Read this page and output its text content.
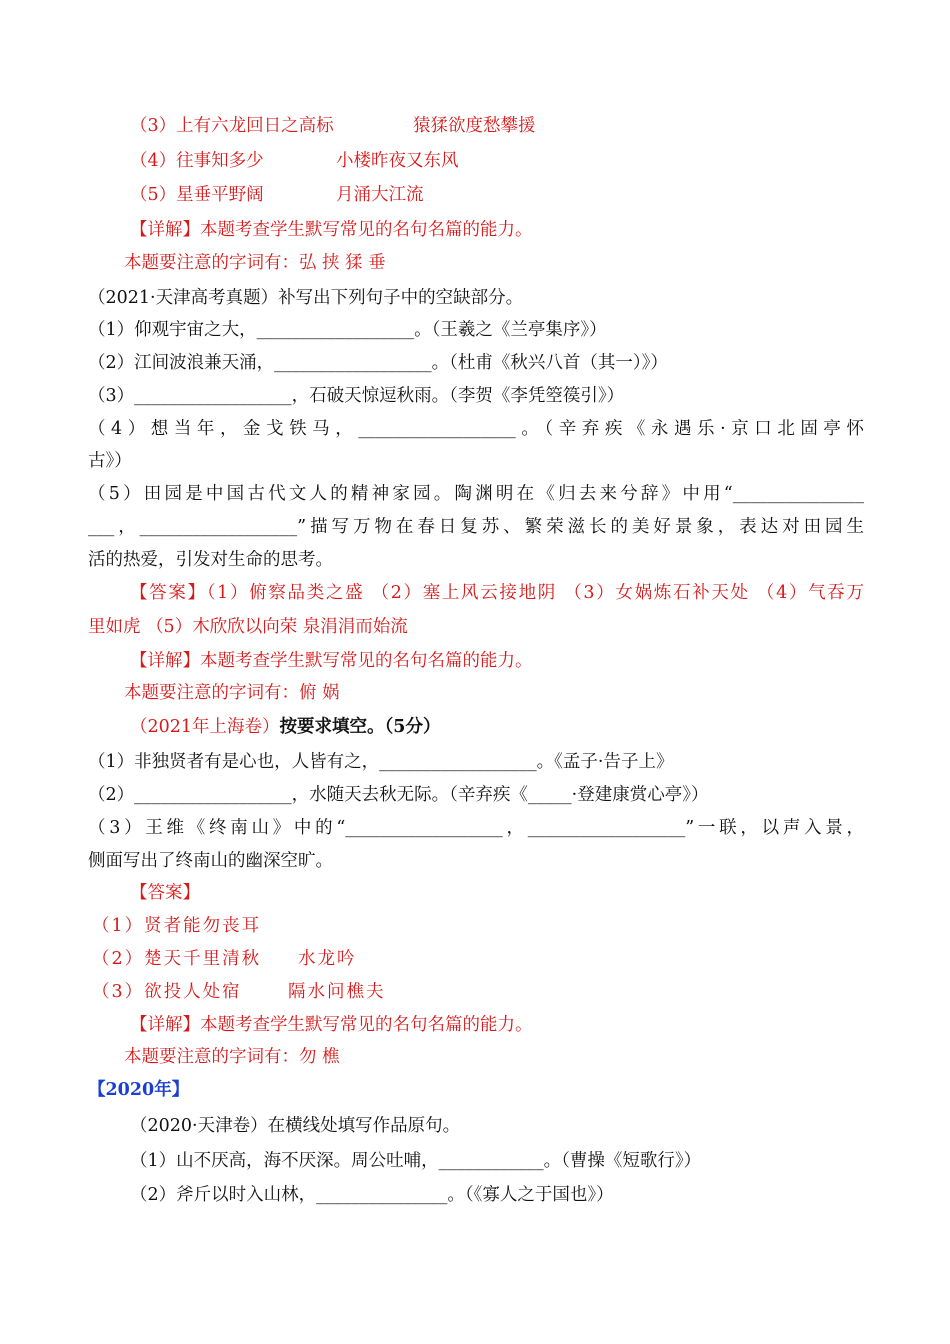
（3）上有六龙回日之高标	猿猱欲度愁攀援
（4）往事知多少	小楼昨夜又东风
（5）星垂平野阔	月涌大江流
【详解】本题考查学生默写常见的名句名篇的能力。
本题要注意的字词有：弘 挟 猱 垂
（2021·天津高考真题）补写出下列句子中的空缺部分。
（1）仰观宇宙之大，__________________。（王羲之《兰亭集序》）
（2）江间波浪兼天涌，__________________。（杜甫《秋兴八首（其一）》）
（3）__________________，石破天惊逗秋雨。（李贺《李凭箜篌引》）
（4）想当年，金戈铁马，__________________。（辛弃疾《永遇乐·京口北固亭怀
古》）
（5）田园是中国古代文人的精神家园。陶渊明在《归去来兮辞》中用“_______________
___，__________________”描写万物在春日复苏、繁荣滋长的美好景象，表达对田园生
活的热爱，引发对生命的思考。
【答案】（1）俯察品类之盛 （2）塞上风云接地阴 （3）女娲炼石补天处 （4）气吞万
里如虎 （5）木欣欣以向荣 泉涓涓而始流
【详解】本题考查学生默写常见的名句名篇的能力。
本题要注意的字词有：俯 娲
（2021年上海卷）按要求填空。（5分）
（1）非独贤者有是心也，人皆有之，__________________。《孟子·告子上》
（2）__________________，水随天去秋无际。（辛弃疾《_____·登建康赏心亭》）
（3）王维《终南山》中的“__________________，__________________”一联，以声入景，
侧面写出了终南山的幽深空旷。
【答案】
（1）贤者能勿丧耳
（2）楚天千里清秋 水龙吟
（3）欲投人处宿	隔水问樵夫
【详解】本题考查学生默写常见的名句名篇的能力。
本题要注意的字词有：勿 樵
【2020年】
（2020·天津卷）在横线处填写作品原句。
（1）山不厌高，海不厌深。周公吐哺，____________。（曹操《短歌行》）
（2）斧斤以时入山林，_______________。（《寡人之于国也》）
